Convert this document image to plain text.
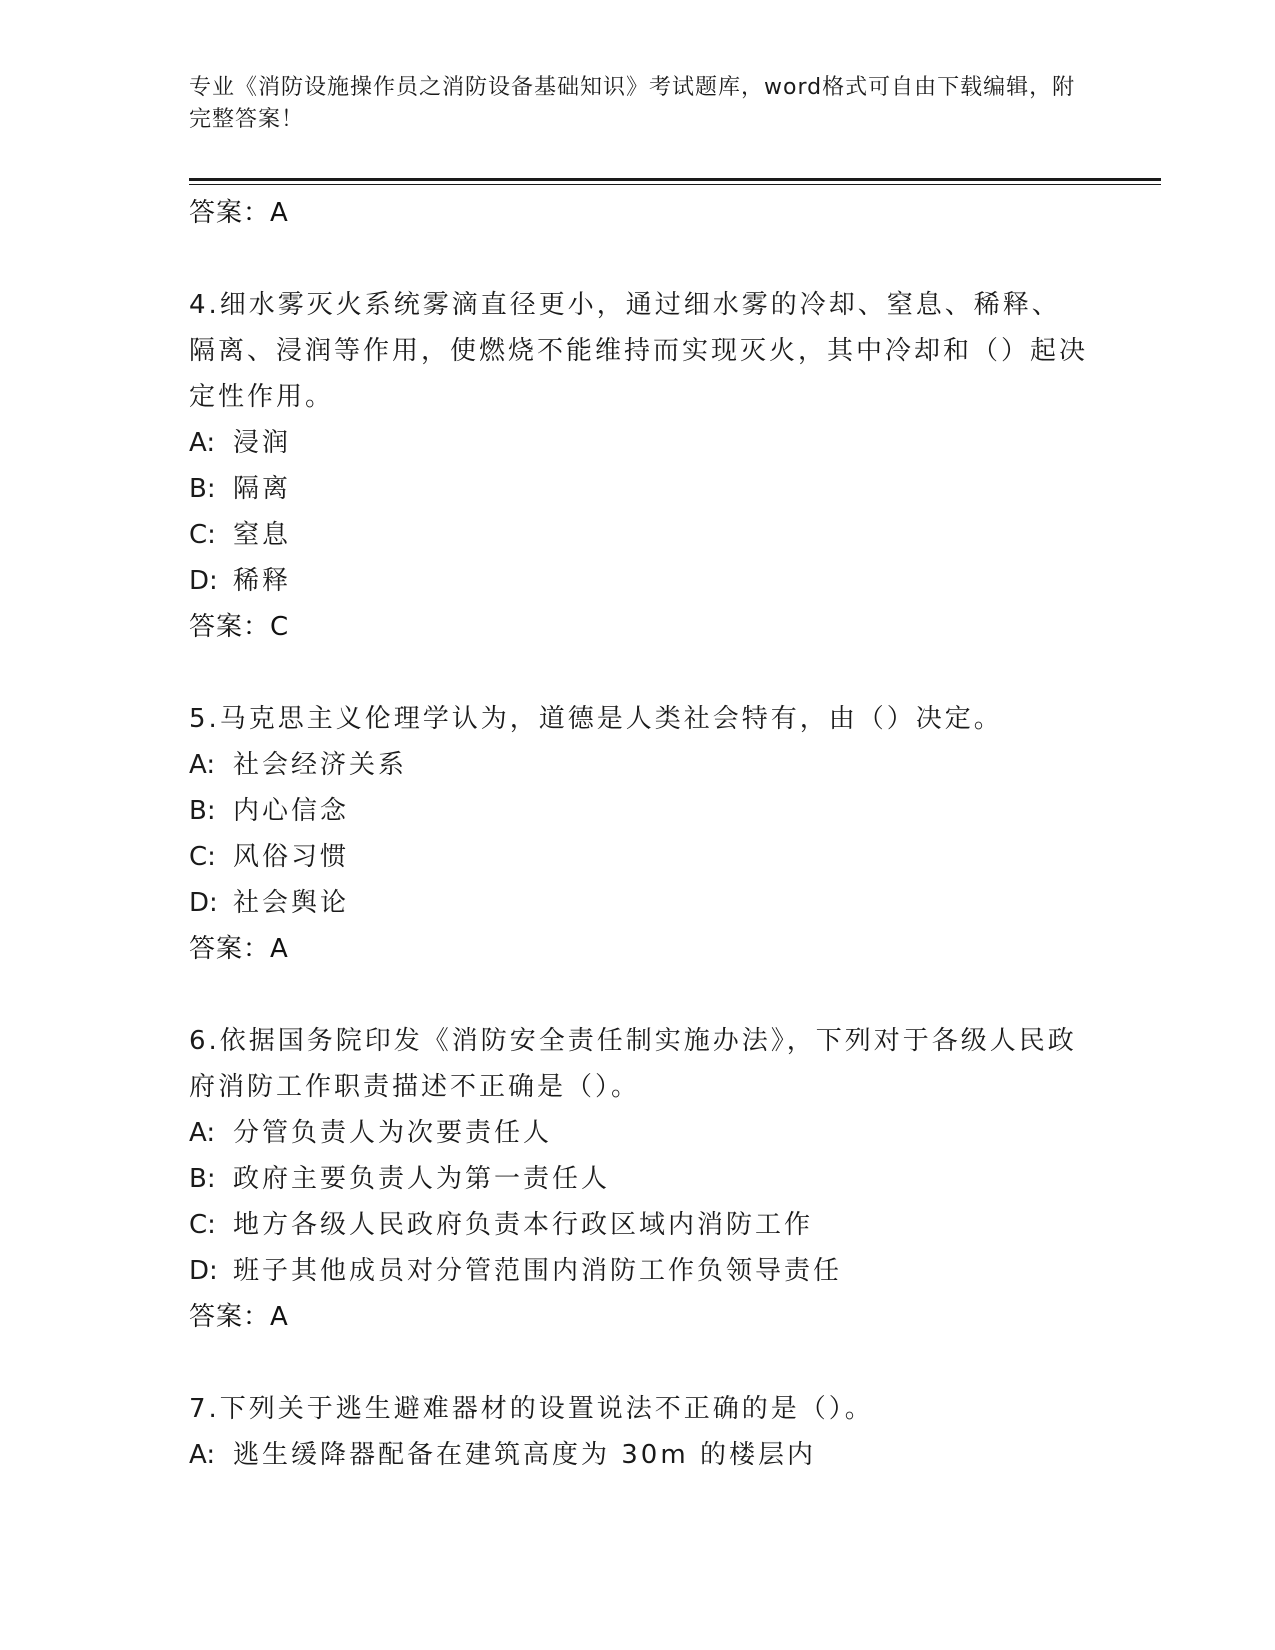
专业《消防设施操作员之消防设备基础知识》考试题库，word格式可自由下载编辑，附完整答案！
答案：A
4.细水雾灭火系统雾滴直径更小，通过细水雾的冷却、窒息、稀释、隔离、浸润等作用，使燃烧不能维持而实现灭火，其中冷却和（）起决定性作用。
A: 浸润
B: 隔离
C: 窒息
D: 稀释
答案：C
5.马克思主义伦理学认为，道德是人类社会特有，由（）决定。
A: 社会经济关系
B: 内心信念
C: 风俗习惯
D: 社会舆论
答案：A
6.依据国务院印发《消防安全责任制实施办法》，下列对于各级人民政府消防工作职责描述不正确是（）。
A: 分管负责人为次要责任人
B: 政府主要负责人为第一责任人
C: 地方各级人民政府负责本行政区域内消防工作
D: 班子其他成员对分管范围内消防工作负领导责任
答案：A
7.下列关于逃生避难器材的设置说法不正确的是（）。
A: 逃生缓降器配备在建筑高度为 30m 的楼层内
